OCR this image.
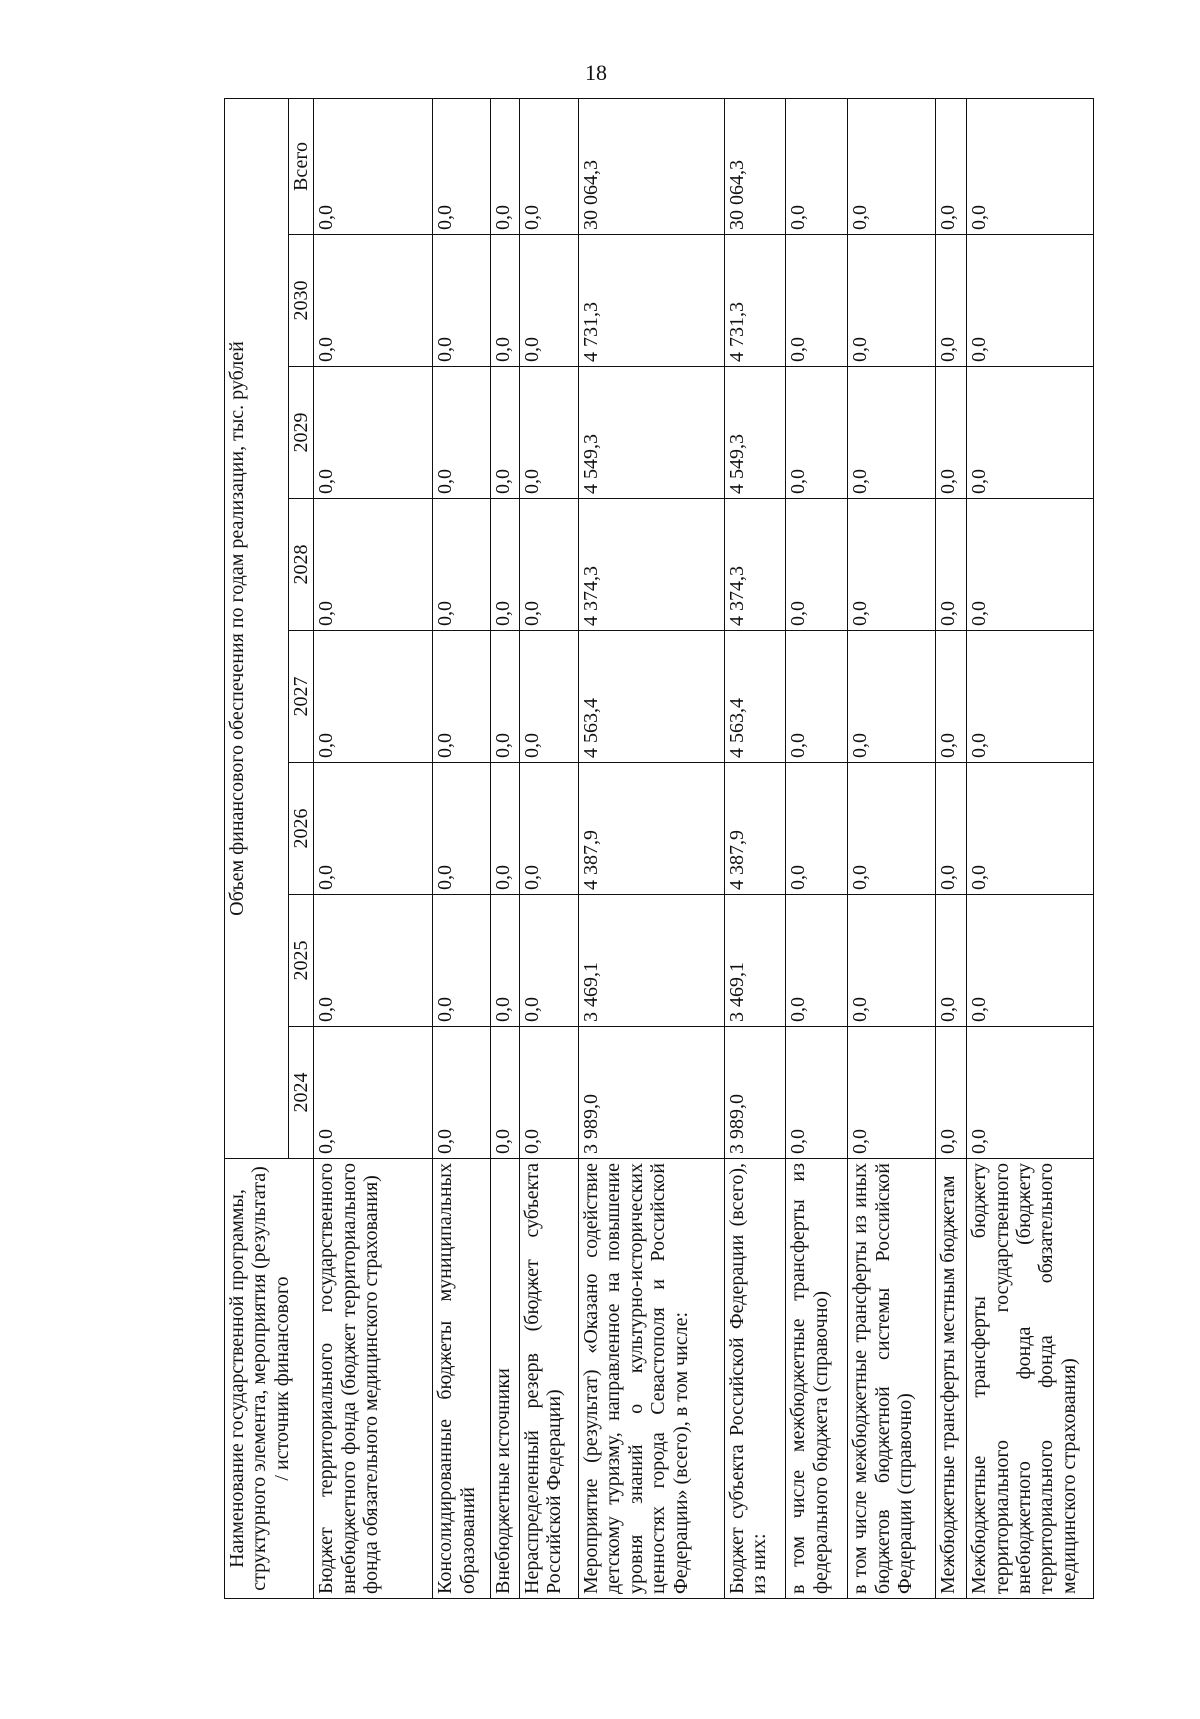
18
Наименование государственной программы, структурного элемента, мероприятия (результата) / источник финансового	Объем финансового обеспечения по годам реализации, тыс. рублей							
	2024	2025	2026	2027	2028	2029	2030	Всего
Бюджет территориального государственного внебюджетного фонда (бюджет территориального фонда обязательного медицинского страхования)	0,0	0,0	0,0	0,0	0,0	0,0	0,0	0,0
Консолидированные бюджеты муниципальных образований	0,0	0,0	0,0	0,0	0,0	0,0	0,0	0,0
Внебюджетные источники	0,0	0,0	0,0	0,0	0,0	0,0	0,0	0,0
Нераспределенный резерв (бюджет субъекта Российской Федерации)	0,0	0,0	0,0	0,0	0,0	0,0	0,0	0,0
Мероприятие (результат) «Оказано содействие детскому туризму, направленное на повышение уровня знаний о культурно-исторических ценностях города Севастополя и Российской Федерации» (всего), в том числе:	3 989,0	3 469,1	4 387,9	4 563,4	4 374,3	4 549,3	4 731,3	30 064,3
Бюджет субъекта Российской Федерации (всего), из них:	3 989,0	3 469,1	4 387,9	4 563,4	4 374,3	4 549,3	4 731,3	30 064,3
в том числе межбюджетные трансферты из федерального бюджета (справочно)	0,0	0,0	0,0	0,0	0,0	0,0	0,0	0,0
в том числе межбюджетные трансферты из иных бюджетов бюджетной системы Российской Федерации (справочно)	0,0	0,0	0,0	0,0	0,0	0,0	0,0	0,0
Межбюджетные трансферты местным бюджетам	0,0	0,0	0,0	0,0	0,0	0,0	0,0	0,0
Межбюджетные трансферты бюджету территориального государственного внебюджетного фонда (бюджету территориального фонда обязательного медицинского страхования)	0,0	0,0	0,0	0,0	0,0	0,0	0,0	0,0
